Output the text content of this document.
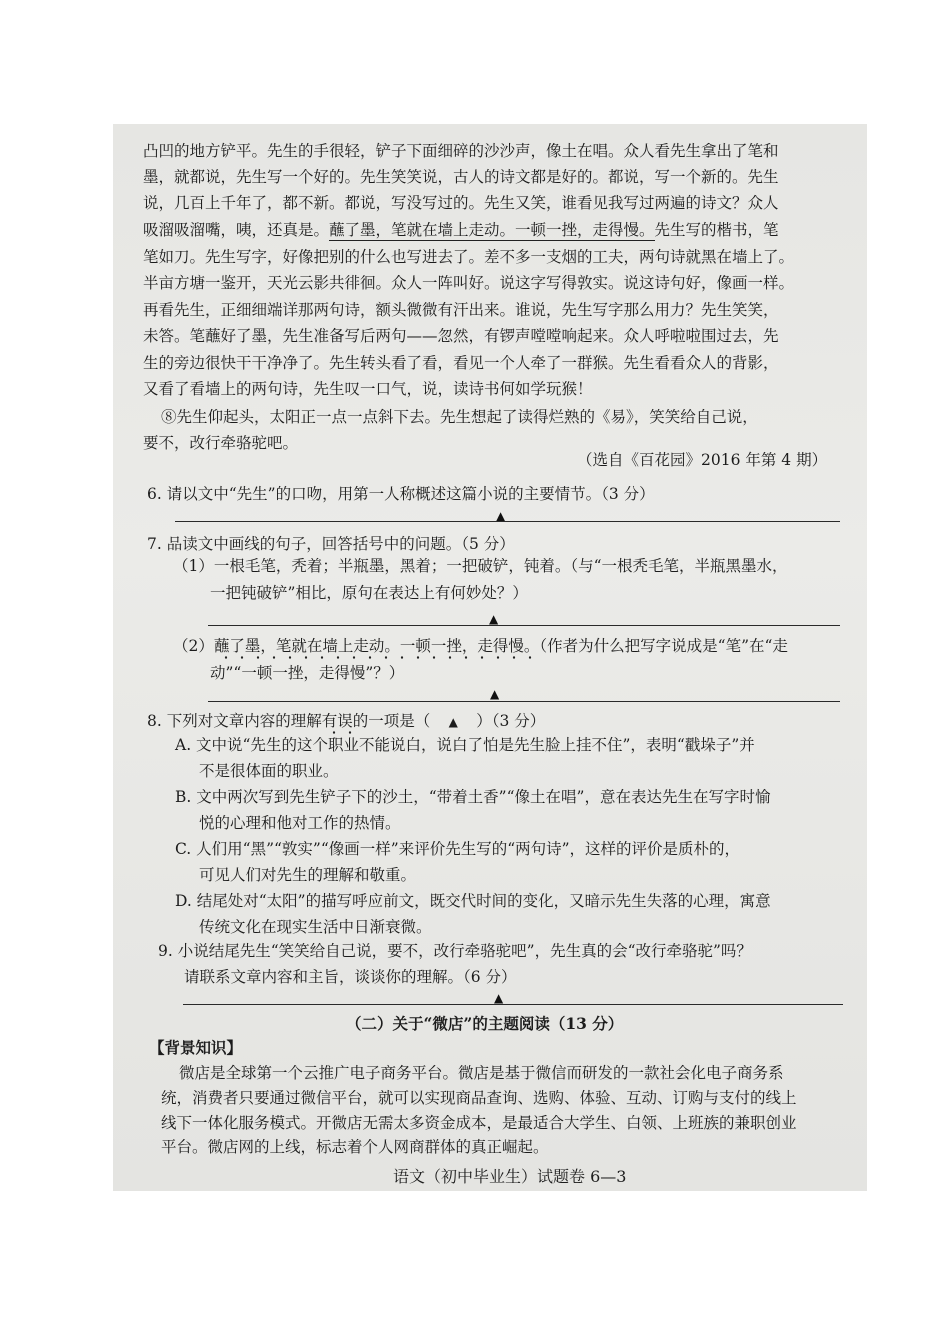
凸凹的地方铲平。先生的手很轻，铲子下面细碎的沙沙声，像土在唱。众人看先生拿出了笔和
墨，就都说，先生写一个好的。先生笑笑说，古人的诗文都是好的。都说，写一个新的。先生
说，几百上千年了，都不新。都说，写没写过的。先生又笑，谁看见我写过两遍的诗文？众人
吸溜吸溜嘴，咦，还真是。蘸了墨，笔就在墙上走动。一顿一挫，走得慢。先生写的楷书，笔
笔如刀。先生写字，好像把别的什么也写进去了。差不多一支烟的工夫，两句诗就黑在墙上了。
半亩方塘一鉴开，天光云影共徘徊。众人一阵叫好。说这字写得敦实。说这诗句好，像画一样。
再看先生，正细细端详那两句诗，额头微微有汗出来。谁说，先生写字那么用力？先生笑笑，
未答。笔蘸好了墨，先生准备写后两句——忽然，有锣声嘡嘡响起来。众人呼啦啦围过去，先
生的旁边很快干干净净了。先生转头看了看，看见一个人牵了一群猴。先生看看众人的背影，
又看了看墙上的两句诗，先生叹一口气，说，读诗书何如学玩猴！
⑧先生仰起头，太阳正一点一点斜下去。先生想起了读得烂熟的《易》，笑笑给自己说，
要不，改行牵骆驼吧。
（选自《百花园》2016 年第 4 期）
6. 请以文中“先生”的口吻，用第一人称概述这篇小说的主要情节。（3 分）
▲
7. 品读文中画线的句子，回答括号中的问题。（5 分）
（1）一根毛笔，秃着；半瓶墨，黑着；一把破铲，钝着。（与“一根秃毛笔，半瓶黑墨水，
一把钝破铲”相比，原句在表达上有何妙处？）
▲
（2）蘸了墨，笔就在墙上走动。一顿一挫，走得慢。（作者为什么把写字说成是“笔”在“走
动”“一顿一挫，走得慢”？）
▲
8. 下列对文章内容的理解有误的一项是（ ▲ ）（3 分）
A. 文中说“先生的这个职业不能说白，说白了怕是先生脸上挂不住”，表明“戳垛子”并
不是很体面的职业。
B. 文中两次写到先生铲子下的沙土，“带着土香”“像土在唱”，意在表达先生在写字时愉
悦的心理和他对工作的热情。
C. 人们用“黑”“敦实”“像画一样”来评价先生写的“两句诗”，这样的评价是质朴的，
可见人们对先生的理解和敬重。
D. 结尾处对“太阳”的描写呼应前文，既交代时间的变化，又暗示先生失落的心理，寓意
传统文化在现实生活中日渐衰微。
9. 小说结尾先生“笑笑给自己说，要不，改行牵骆驼吧”，先生真的会“改行牵骆驼”吗？
请联系文章内容和主旨，谈谈你的理解。（6 分）
▲
（二）关于“微店”的主题阅读（13 分）
【背景知识】
微店是全球第一个云推广电子商务平台。微店是基于微信而研发的一款社会化电子商务系
统，消费者只要通过微信平台，就可以实现商品查询、选购、体验、互动、订购与支付的线上
线下一体化服务模式。开微店无需太多资金成本，是最适合大学生、白领、上班族的兼职创业
平台。微店网的上线，标志着个人网商群体的真正崛起。
语文（初中毕业生）试题卷 6—3
